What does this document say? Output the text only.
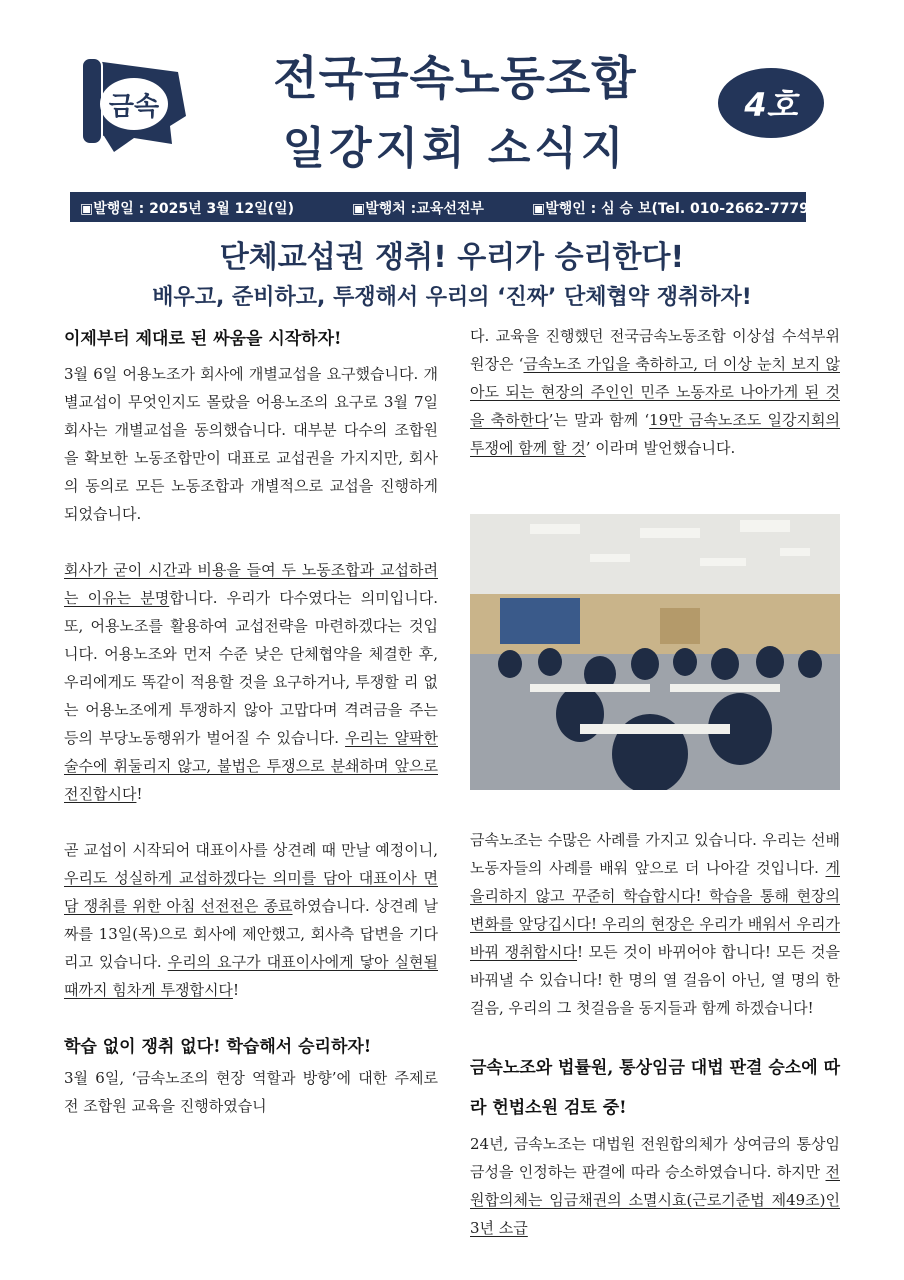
금속
전국금속노동조합
일강지회 소식지
4호
▣발행일 : 2025년 3월 12일(일)	▣발행처 :교육선전부	▣발행인 : 심 승 보(Tel. 010-2662-7779)
단체교섭권 쟁취! 우리가 승리한다!
배우고, 준비하고, 투쟁해서 우리의 ‘진짜’ 단체협약 쟁취하자!
이제부터 제대로 된 싸움을 시작하자!

3월 6일 어용노조가 회사에 개별교섭을 요구했습니다. 개별교섭이 무엇인지도 몰랐을 어용노조의 요구로 3월 7일 회사는 개별교섭을 동의했습니다. 대부분 다수의 조합원을 확보한 노동조합만이 대표로 교섭권을 가지지만, 회사의 동의로 모든 노동조합과 개별적으로 교섭을 진행하게 되었습니다.

회사가 굳이 시간과 비용을 들여 두 노동조합과 교섭하려는 이유는 분명합니다. 우리가 다수였다는 의미입니다. 또, 어용노조를 활용하여 교섭전략을 마련하겠다는 것입니다. 어용노조와 먼저 수준 낮은 단체협약을 체결한 후, 우리에게도 똑같이 적용할 것을 요구하거나, 투쟁할 리 없는 어용노조에게 투쟁하지 않아 고맙다며 격려금을 주는 등의 부당노동행위가 벌어질 수 있습니다. 우리는 얄팍한 술수에 휘둘리지 않고, 불법은 투쟁으로 분쇄하며 앞으로 전진합시다!

곧 교섭이 시작되어 대표이사를 상견례 때 만날 예정이니, 우리도 성실하게 교섭하겠다는 의미를 담아 대표이사 면담 쟁취를 위한 아침 선전전은 종료하였습니다. 상견례 날짜를 13일(목)으로 회사에 제안했고, 회사측 답변을 기다리고 있습니다. 우리의 요구가 대표이사에게 닿아 실현될 때까지 힘차게 투쟁합시다!

학습 없이 쟁취 없다! 학습해서 승리하자!

3월 6일, ‘금속노조의 현장 역할과 방향’에 대한 주제로 전 조합원 교육을 진행하였습니

다. 교육을 진행했던 전국금속노동조합 이상섭 수석부위원장은 ‘금속노조 가입을 축하하고, 더 이상 눈치 보지 않아도 되는 현장의 주인인 민주 노동자로 나아가게 된 것을 축하한다’는 말과 함께 ‘19만 금속노조도 일강지회의 투쟁에 함께 할 것’ 이라며 발언했습니다.

금속노조는 수많은 사례를 가지고 있습니다. 우리는 선배 노동자들의 사례를 배워 앞으로 더 나아갈 것입니다. 게을리하지 않고 꾸준히 학습합시다! 학습을 통해 현장의 변화를 앞당깁시다! 우리의 현장은 우리가 배워서 우리가 바꿔 쟁취합시다! 모든 것이 바뀌어야 합니다! 모든 것을 바꿔낼 수 있습니다! 한 명의 열 걸음이 아닌, 열 명의 한 걸음, 우리의 그 첫걸음을 동지들과 함께 하겠습니다!

금속노조와 법률원, 통상임금 대법 판결 승소에 따라 헌법소원 검토 중!

24년, 금속노조는 대법원 전원합의체가 상여금의 통상임금성을 인정하는 판결에 따라 승소하였습니다. 하지만 전원합의체는 임금채권의 소멸시효(근로기준법 제49조)인 3년 소급
